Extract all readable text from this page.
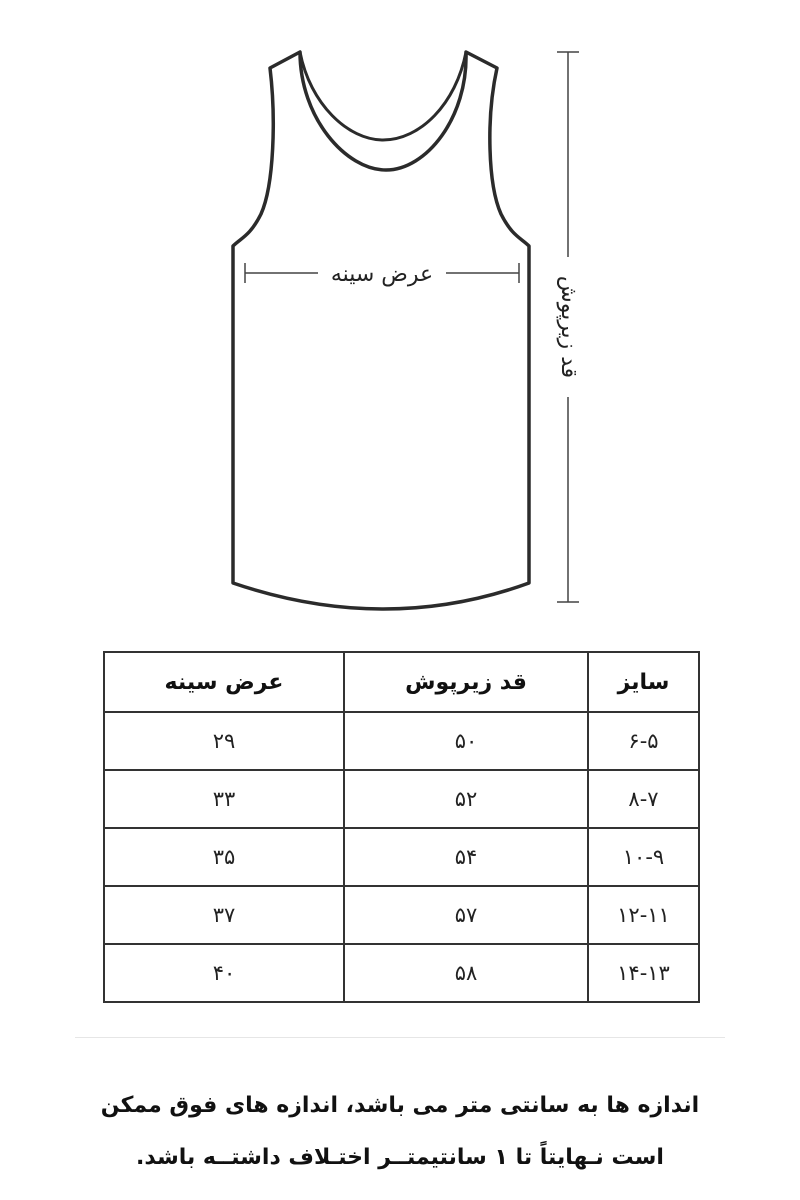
عرض سینه
قد زیرپوش
سایز	قد زیرپوش	عرض سینه
۶-۵	۵۰	۲۹
۸-۷	۵۲	۳۳
۱۰-۹	۵۴	۳۵
۱۲-۱۱	۵۷	۳۷
۱۴-۱۳	۵۸	۴۰

اندازه ها به سانتی متر می باشد، اندازه های فوق ممکن

است نـهایتاً تا ۱ سانتیمتــر اختـلاف داشتــه باشد.
